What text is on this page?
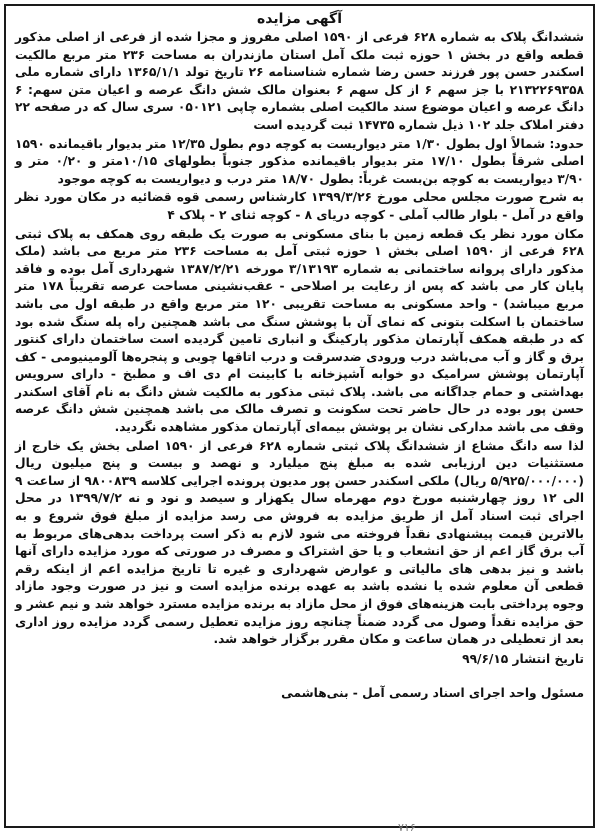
آگهی مزایده

ششدانگ پلاک به شماره ۶۲۸ فرعی از ۱۵۹۰ اصلی مفروز و مجزا شده از فرعی از اصلی مذکور قطعه واقع در بخش ۱ حوزه ثبت ملک آمل استان مازندران به مساحت ۲۳۶ متر مربع مالکیت اسکندر حسن پور فرزند حسن رضا شماره شناسنامه ۲۶ تاریخ تولد ۱۳۶۵/۱/۱ دارای شماره ملی ۲۱۳۲۲۶۹۳۵۸ با جز سهم ۶ از کل سهم ۶ بعنوان مالک شش دانگ عرصه و اعیان متن سهم: ۶ دانگ عرصه و اعیان موضوع سند مالکیت اصلی بشماره چاپی ۰۵۰۱۲۱ سری سال که در صفحه ۲۲ دفتر املاک جلد ۱۰۲ ذیل شماره ۱۴۷۳۵ ثبت گردیده است

حدود: شمالاً اول بطول ۱/۳۰ متر دیواریست به کوچه دوم بطول ۱۲/۳۵ متر بدیوار باقیمانده ۱۵۹۰ اصلی شرقاً بطول ۱۷/۱۰ متر بدیوار باقیمانده مذکور جنوباً بطولهای ۱۰/۱۵متر و ۰/۲۰ متر و ۳/۹۰ دیواریست به کوچه بن‌بست غرباً: بطول ۱۸/۷۰ متر درب و دیواریست به کوچه موجود

به شرح صورت مجلس محلی مورخ ۱۳۹۹/۳/۲۶ کارشناس رسمی قوه قضائیه در مکان مورد نظر واقع در آمل - بلوار طالب آملی - کوچه دریای ۸ - کوچه ثنای ۲ - پلاک ۴

مکان مورد نظر یک قطعه زمین با بنای مسکونی به صورت یک طبقه روی همکف به پلاک ثبتی ۶۲۸ فرعی از ۱۵۹۰ اصلی بخش ۱ حوزه ثبتی آمل به مساحت ۲۳۶ متر مربع می باشد (ملک مذکور دارای پروانه ساختمانی به شماره ۳/۱۳۱۹۳ مورخه ۱۳۸۷/۲/۲۱ شهرداری آمل بوده و فاقد پایان کار می باشد که پس از رعایت بر اصلاحی - عقب‌نشینی مساحت عرصه تقریباً ۱۷۸ متر مربع میباشد) - واحد مسکونی به مساحت تقریبی ۱۲۰ متر مربع واقع در طبقه اول می باشد ساختمان با اسکلت بتونی که نمای آن با پوشش سنگ می باشد همچنین راه پله سنگ شده بود که در طبقه همکف آپارتمان مذکور پارکینگ و انباری تامین گردیده است ساختمان دارای کنتور برق و گاز و آب می‌باشد درب ورودی ضدسرقت و درب اتاقها چوبی و پنجره‌ها آلومینیومی - کف آپارتمان پوشش سرامیک دو خوابه آشپزخانه با کابینت ام دی اف و مطبخ - دارای سرویس بهداشتی و حمام جداگانه می باشد. پلاک ثبتی مذکور به مالکیت شش دانگ به نام آقای اسکندر حسن پور بوده در حال حاضر تحت سکونت و تصرف مالک می باشد همچنین شش دانگ عرصه وقف می باشد مدارکی نشان بر پوشش بیمه‌ای آپارتمان مذکور مشاهده نگردید.

لذا سه دانگ مشاع از ششدانگ پلاک ثبتی شماره ۶۲۸ فرعی از ۱۵۹۰ اصلی بخش یک خارج از مستثنیات دین ارزیابی شده به مبلغ پنج میلیارد و نهصد و بیست و پنج میلیون ریال (۵/۹۲۵/۰۰۰/۰۰۰ ریال) ملکی اسکندر حسن پور مدیون پرونده اجرایی کلاسه ۹۸۰۰۸۳۹ از ساعت ۹ الی ۱۲ روز چهارشنبه مورخ دوم مهرماه سال یکهزار و سیصد و نود و نه ۱۳۹۹/۷/۲ در محل اجرای ثبت اسناد آمل از طریق مزایده به فروش می رسد مزایده از مبلغ فوق شروع و به بالاترین قیمت پیشنهادی نقداً فروخته می شود لازم به ذکر است پرداخت بدهی‌های مربوط به آب برق گاز اعم از حق انشعاب و یا حق اشتراک و مصرف در صورتی که مورد مزایده دارای آنها باشد و نیز بدهی های مالیاتی و عوارض شهرداری و غیره تا تاریخ مزایده اعم از اینکه رقم قطعی آن معلوم شده یا نشده باشد به عهده برنده مزایده است و نیز در صورت وجود مازاد وجوه پرداختی بابت هزینه‌های فوق از محل مازاد به برنده مزایده مسترد خواهد شد و نیم عشر و حق مزایده نقداً وصول می گردد ضمناً چنانچه روز مزایده تعطیل رسمی گردد مزایده روز اداری بعد از تعطیلی در همان ساعت و مکان مقرر برگزار خواهد شد.

تاریخ انتشار ۹۹/۶/۱۵
مسئول واحد اجرای اسناد رسمی آمل - بنی‌هاشمی
۷۱۶
